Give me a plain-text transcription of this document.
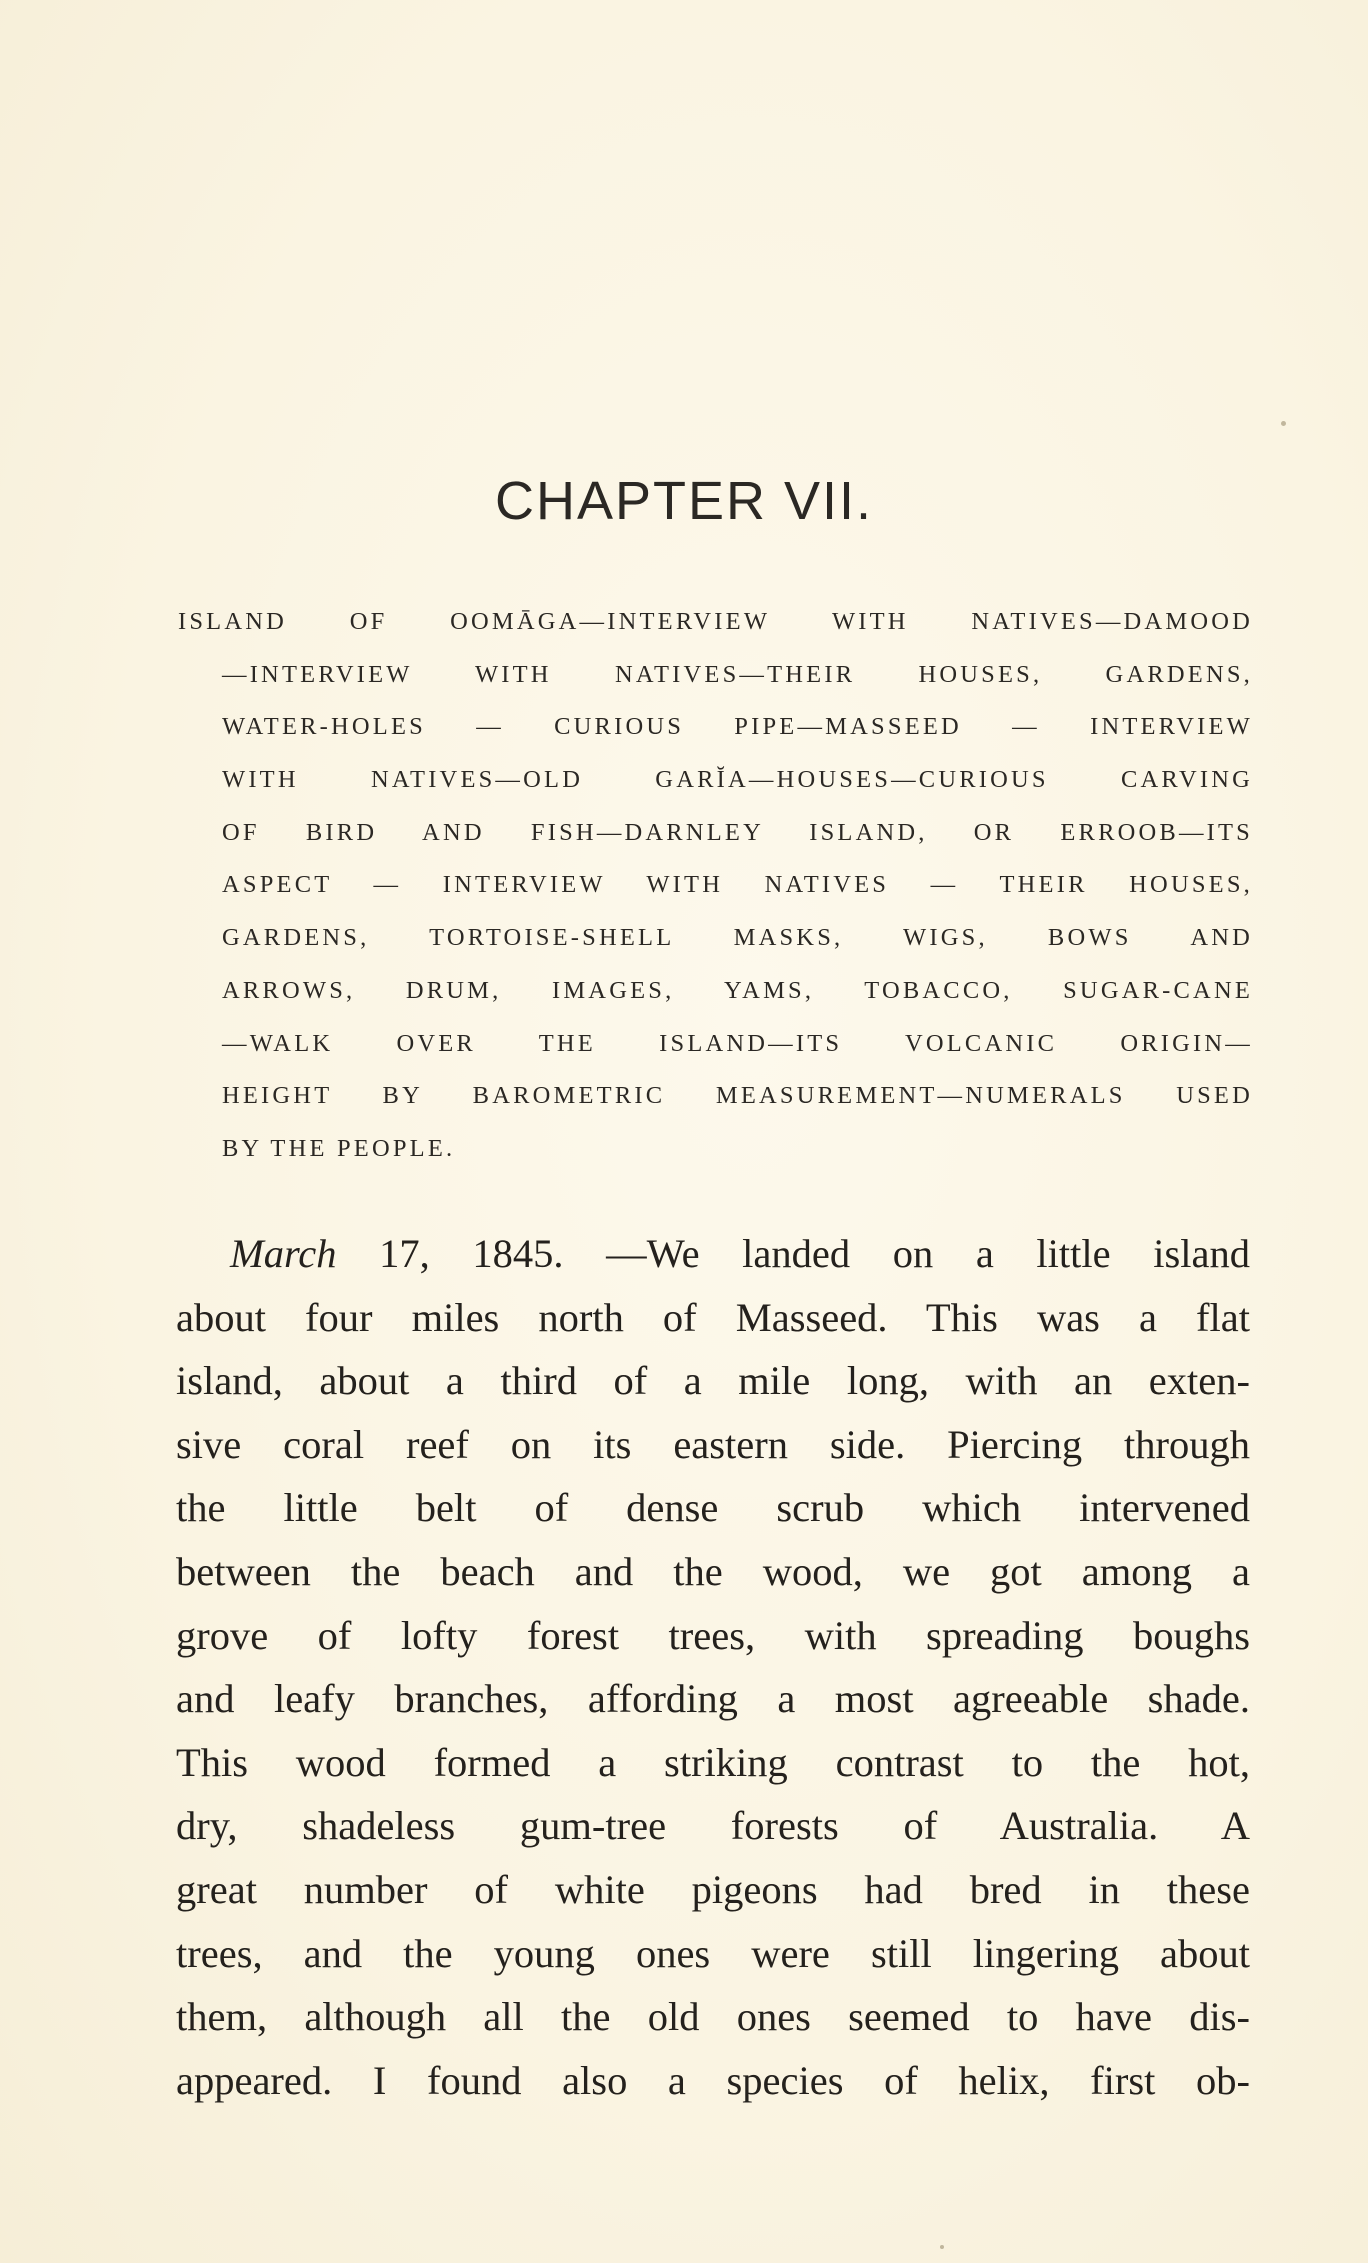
CHAPTER VII.
ISLAND OF OOMĀGA—INTERVIEW WITH NATIVES—DAMOOD
—INTERVIEW WITH NATIVES—THEIR HOUSES, GARDENS,
WATER-HOLES — CURIOUS PIPE—MASSEED — INTERVIEW
WITH NATIVES—OLD GARĬA—HOUSES—CURIOUS CARVING
OF BIRD AND FISH—DARNLEY ISLAND, OR ERROOB—ITS
ASPECT — INTERVIEW WITH NATIVES — THEIR HOUSES,
GARDENS, TORTOISE-SHELL MASKS, WIGS, BOWS AND
ARROWS, DRUM, IMAGES, YAMS, TOBACCO, SUGAR-CANE
—WALK OVER THE ISLAND—ITS VOLCANIC ORIGIN—
HEIGHT BY BAROMETRIC MEASUREMENT—NUMERALS USED
BY THE PEOPLE.
March 17, 1845. —We landed on a little island
about four miles north of Masseed. This was a flat
island, about a third of a mile long, with an exten-
sive coral reef on its eastern side. Piercing through
the little belt of dense scrub which intervened
between the beach and the wood, we got among a
grove of lofty forest trees, with spreading boughs
and leafy branches, affording a most agreeable shade.
This wood formed a striking contrast to the hot,
dry, shadeless gum-tree forests of Australia. A
great number of white pigeons had bred in these
trees, and the young ones were still lingering about
them, although all the old ones seemed to have dis-
appeared. I found also a species of helix, first ob-
